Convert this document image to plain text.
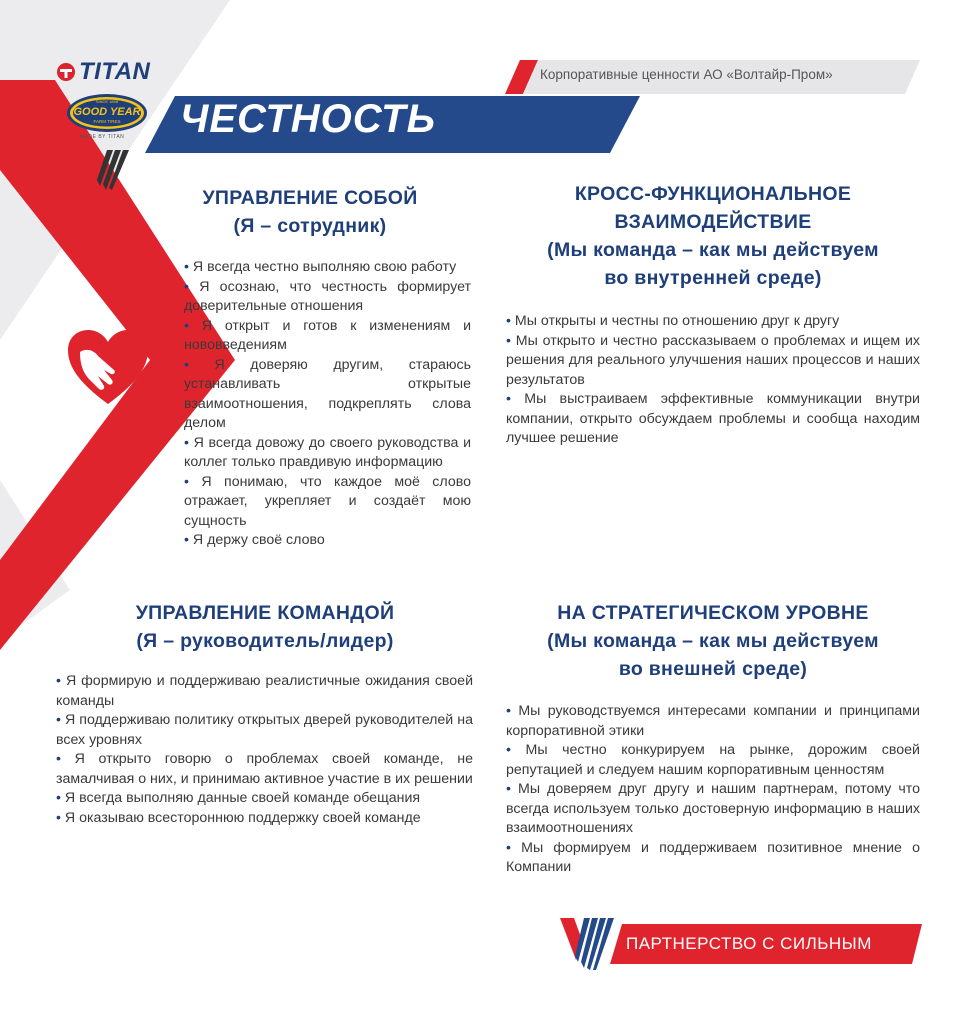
TITAN
SINCE 1898
GOOD YEAR
FARM TIRES
MADE BY TITAN
Корпоративные ценности АО «Волтайр-Пром»
ЧЕСТНОСТЬ
УПРАВЛЕНИЕ СОБОЙ
(Я – сотрудник)
• Я всегда честно выполняю свою работу
• Я осознаю, что честность формирует доверительные отношения
• Я открыт и готов к изменениям и нововведениям
• Я доверяю другим, стараюсь устанавливать открытые взаимоотношения, подкреплять слова делом
• Я всегда довожу до своего руководства и коллег только правдивую информацию
• Я понимаю, что каждое моё слово отражает, укрепляет и создаёт мою сущность
• Я держу своё слово
КРОСС-ФУНКЦИОНАЛЬНОЕ
ВЗАИМОДЕЙСТВИЕ
(Мы команда – как мы действуем
во внутренней среде)
• Мы открыты и честны по отношению друг к другу
• Мы открыто и честно рассказываем о проблемах и ищем их решения для реального улучшения наших процессов и наших результатов
• Мы выстраиваем эффективные коммуникации внутри компании, открыто обсуждаем проблемы и сообща находим лучшее решение
УПРАВЛЕНИЕ КОМАНДОЙ
(Я – руководитель/лидер)
• Я формирую и поддерживаю реалистичные ожидания своей команды
• Я поддерживаю политику открытых дверей руководителей на всех уровнях
• Я открыто говорю о проблемах своей команде, не замалчивая о них, и принимаю активное участие в их решении
• Я всегда выполняю данные своей команде обещания
• Я оказываю всестороннюю поддержку своей команде
НА СТРАТЕГИЧЕСКОМ УРОВНЕ
(Мы команда – как мы действуем
во внешней среде)
• Мы руководствуемся интересами компании и принципами корпоративной этики
• Мы честно конкурируем на рынке, дорожим своей репутацией и следуем нашим корпоративным ценностям
• Мы доверяем друг другу и нашим партнерам, потому что всегда используем только достоверную информацию в наших взаимоотношениях
• Мы формируем и поддерживаем позитивное мнение о Компании
ПАРТНЕРСТВО С СИЛЬНЫМ
